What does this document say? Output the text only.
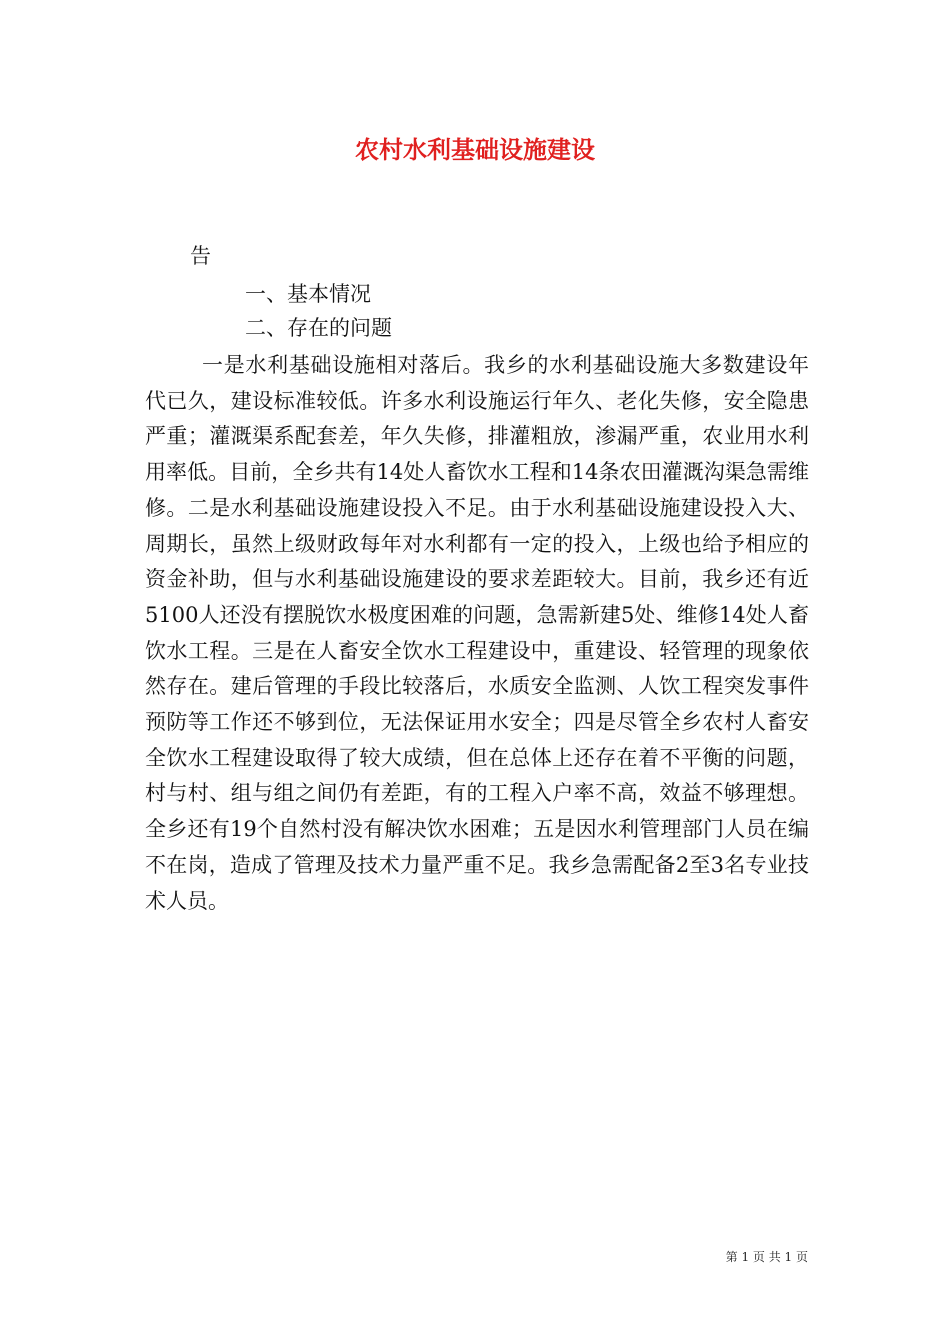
农村水利基础设施建设
告
一、基本情况
二、存在的问题

一是水利基础设施相对落后。我乡的水利基础设施大多数建设年代已久，建设标准较低。许多水利设施运行年久、老化失修，安全隐患严重；灌溉渠系配套差，年久失修，排灌粗放，渗漏严重，农业用水利用率低。目前，全乡共有14处人畜饮水工程和14条农田灌溉沟渠急需维修。二是水利基础设施建设投入不足。由于水利基础设施建设投入大、周期长，虽然上级财政每年对水利都有一定的投入，上级也给予相应的资金补助，但与水利基础设施建设的要求差距较大。目前，我乡还有近5100人还没有摆脱饮水极度困难的问题，急需新建5处、维修14处人畜饮水工程。三是在人畜安全饮水工程建设中，重建设、轻管理的现象依然存在。建后管理的手段比较落后，水质安全监测、人饮工程突发事件预防等工作还不够到位，无法保证用水安全；四是尽管全乡农村人畜安全饮水工程建设取得了较大成绩，但在总体上还存在着不平衡的问题，村与村、组与组之间仍有差距，有的工程入户率不高，效益不够理想。全乡还有19个自然村没有解决饮水困难；五是因水利管理部门人员在编不在岗，造成了管理及技术力量严重不足。我乡急需配备2至3名专业技术人员。

第 1 页 共 1 页
